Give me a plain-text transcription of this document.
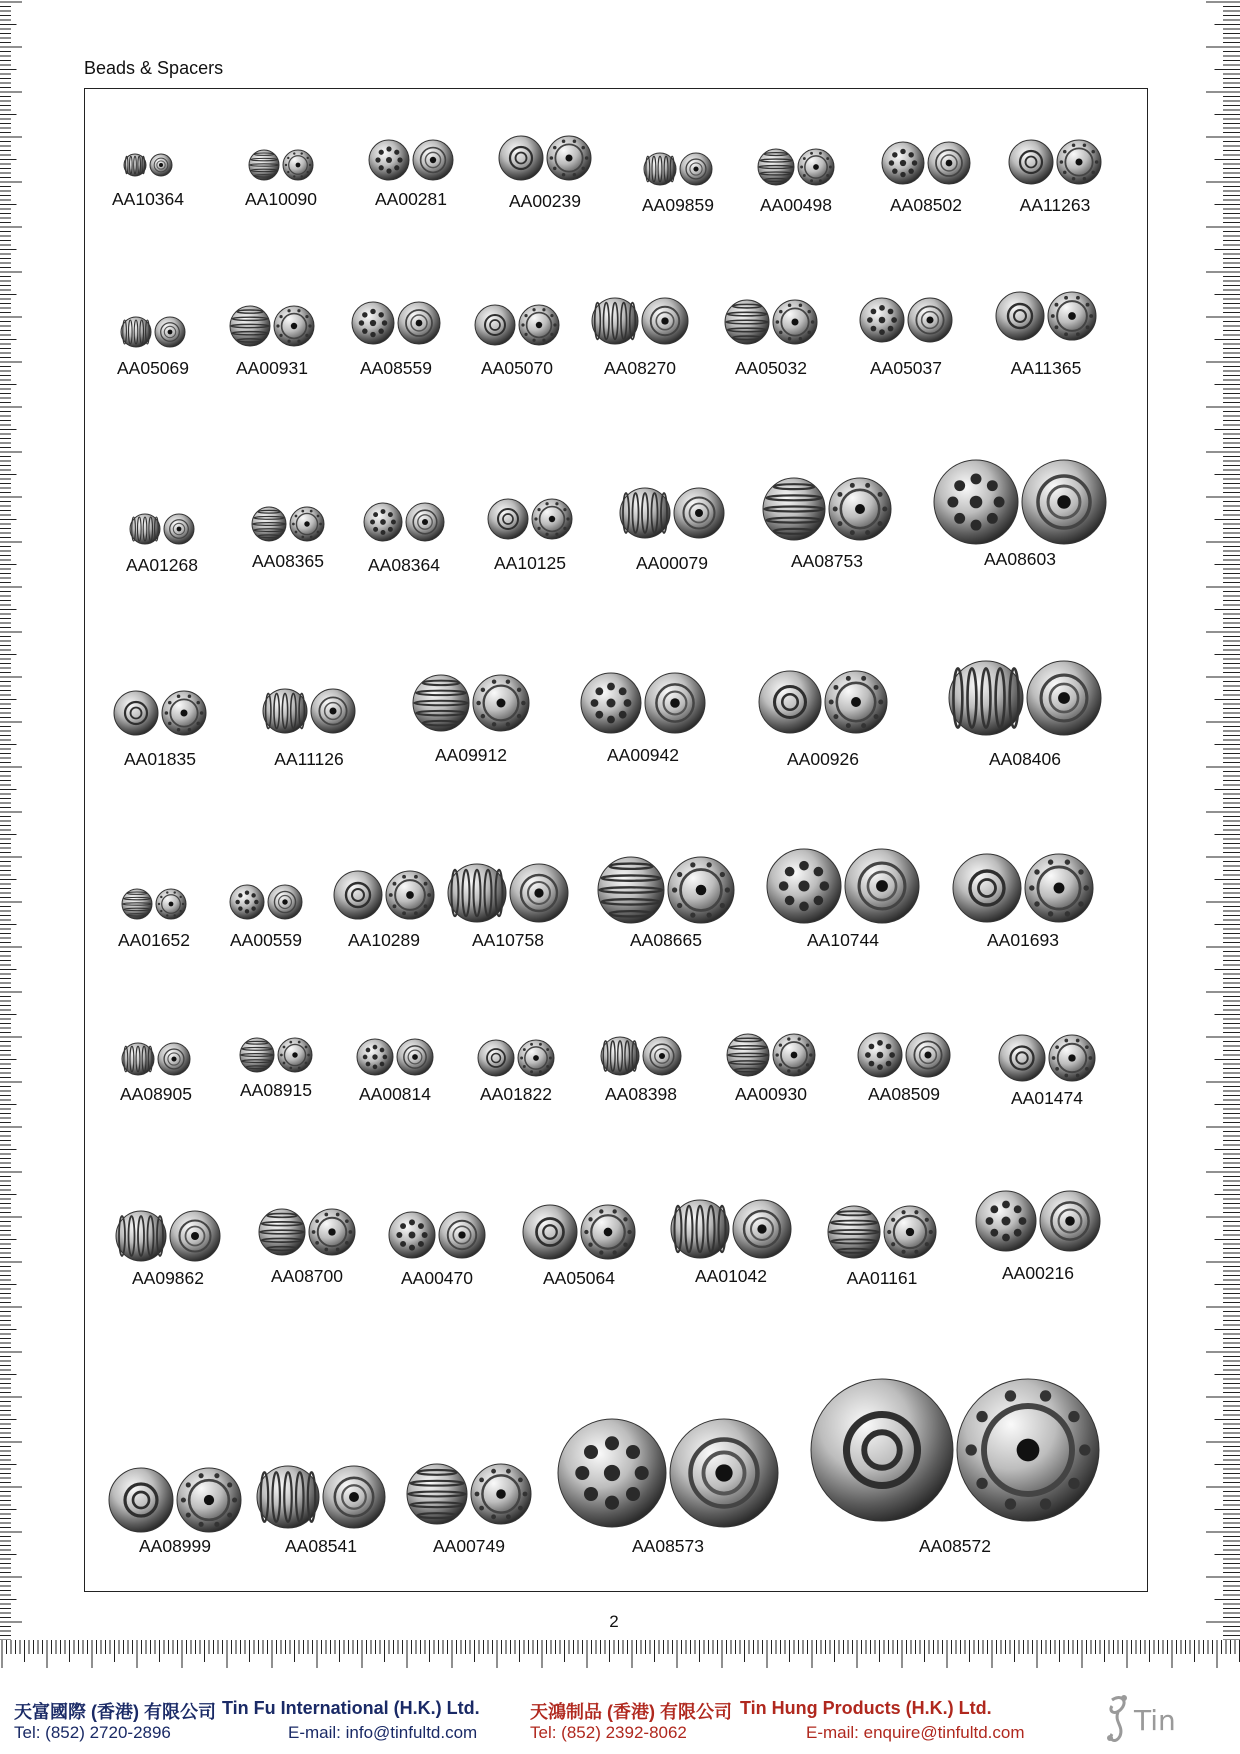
Beads & Spacers
AA10364	AA10090	AA00281	AA00239	AA09859	AA00498	AA08502	AA11263
AA05069	AA00931	AA08559	AA05070	AA08270	AA05032	AA05037	AA11365
AA01268	AA08365	AA08364	AA10125	AA00079	AA08753	AA08603
AA01835	AA11126	AA09912	AA00942	AA00926	AA08406
AA01652 AA00559	AA10289	AA10758	AA08665	AA10744	AA01693
AA08905	AA08915	AA00814	AA01822	AA08398	AA00930	AA08509	AA01474
AA09862	AA08700	AA00470	AA05064	AA01042	AA01161	AA00216
AA08999	AA08541	AA00749	AA08573	AA08572
2
天富國際 (香港) 有限公司 Tin Fu International (H.K.) Ltd.
Tel: (852) 2720-2896	E-mail: info@tinfultd.com
天鴻制品 (香港) 有限公司 Tin Hung Products (H.K.) Ltd.
Tel: (852) 2392-8062	E-mail: enquire@tinfultd.com	Tin
